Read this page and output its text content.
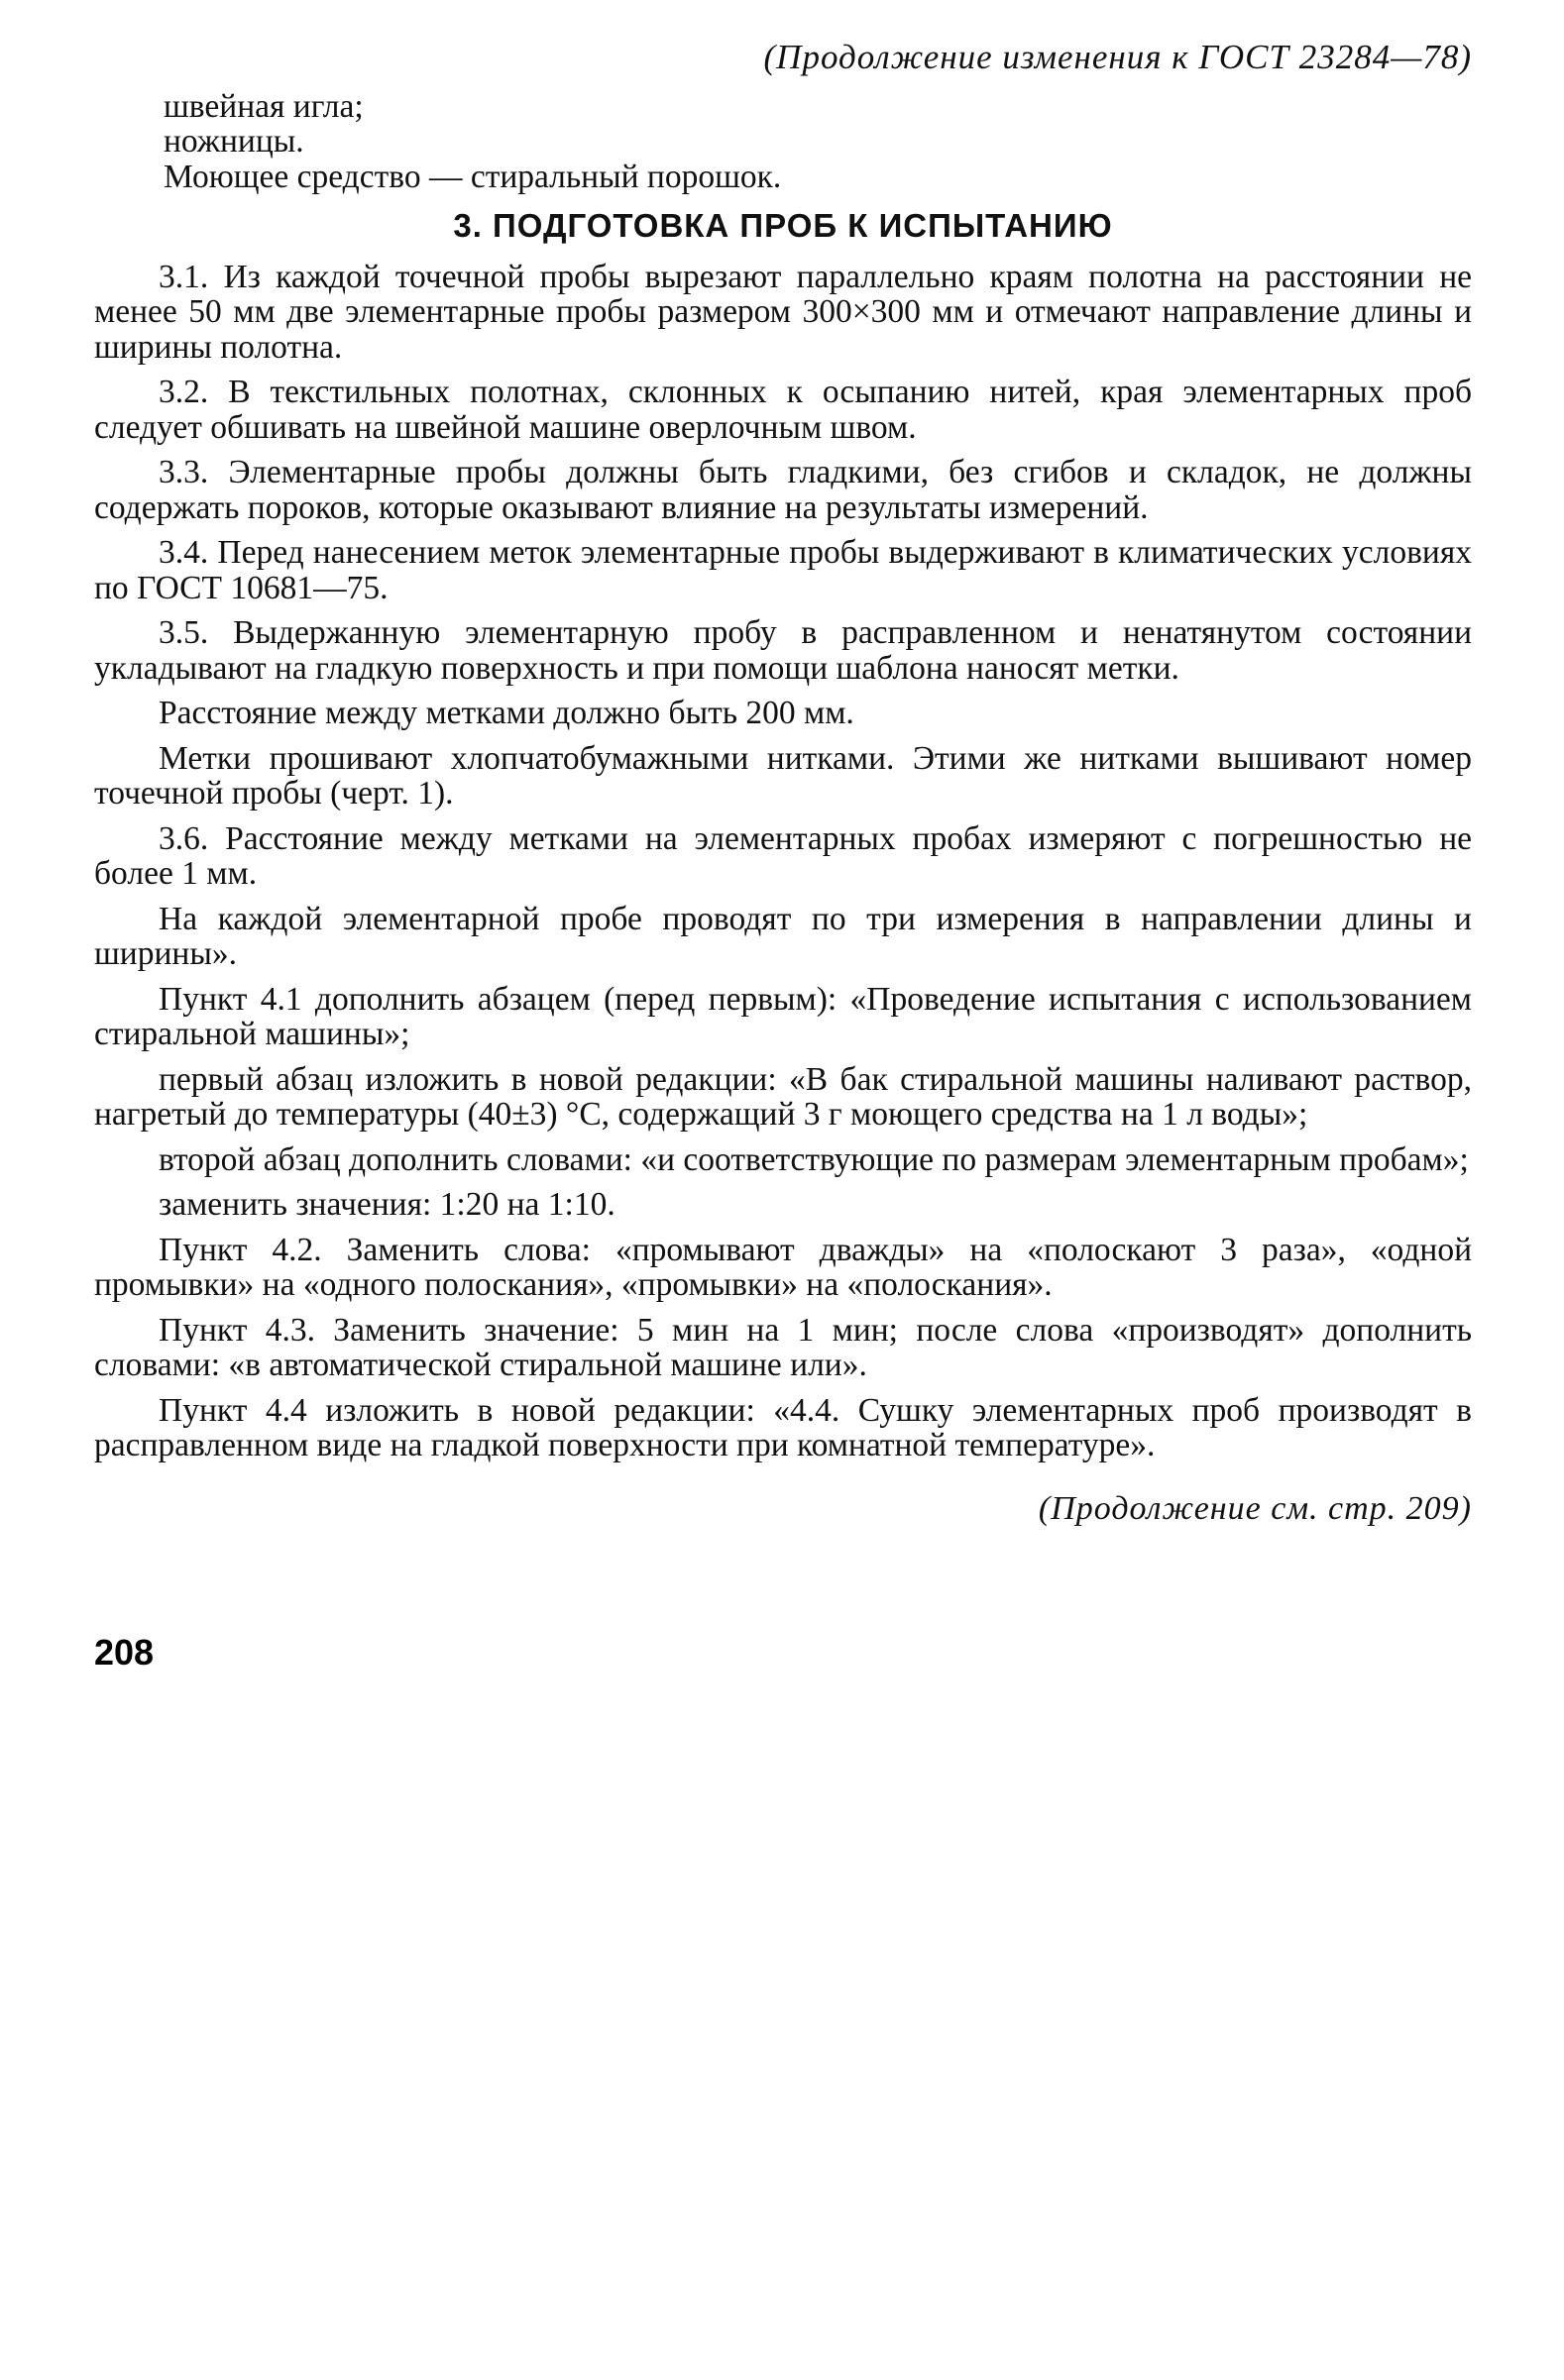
(Продолжение изменения к ГОСТ 23284—78)
швейная игла;
ножницы.
Моющее средство — стиральный порошок.
3. ПОДГОТОВКА ПРОБ К ИСПЫТАНИЮ

3.1. Из каждой точечной пробы вырезают параллельно краям полотна на расстоянии не менее 50 мм две элементарные пробы размером 300×300 мм и отмечают направление длины и ширины полотна.

3.2. В текстильных полотнах, склонных к осыпанию нитей, края элементарных проб следует обшивать на швейной машине оверлочным швом.

3.3. Элементарные пробы должны быть гладкими, без сгибов и складок, не должны содержать пороков, которые оказывают влияние на результаты измерений.

3.4. Перед нанесением меток элементарные пробы выдерживают в климатических условиях по ГОСТ 10681—75.

3.5. Выдержанную элементарную пробу в расправленном и ненатянутом состоянии укладывают на гладкую поверхность и при помощи шаблона наносят метки.

Расстояние между метками должно быть 200 мм.

Метки прошивают хлопчатобумажными нитками. Этими же нитками вышивают номер точечной пробы (черт. 1).

3.6. Расстояние между метками на элементарных пробах измеряют с погрешностью не более 1 мм.

На каждой элементарной пробе проводят по три измерения в направлении длины и ширины».

Пункт 4.1 дополнить абзацем (перед первым): «Проведение испытания с использованием стиральной машины»;

первый абзац изложить в новой редакции: «В бак стиральной машины наливают раствор, нагретый до температуры (40±3) °С, содержащий 3 г моющего средства на 1 л воды»;

второй абзац дополнить словами: «и соответствующие по размерам элементарным пробам»;

заменить значения: 1:20 на 1:10.

Пункт 4.2. Заменить слова: «промывают дважды» на «полоскают 3 раза», «одной промывки» на «одного полоскания», «промывки» на «полоскания».

Пункт 4.3. Заменить значение: 5 мин на 1 мин; после слова «производят» дополнить словами: «в автоматической стиральной машине или».

Пункт 4.4 изложить в новой редакции: «4.4. Сушку элементарных проб производят в расправленном виде на гладкой поверхности при комнатной температуре».

(Продолжение см. стр. 209)
208
